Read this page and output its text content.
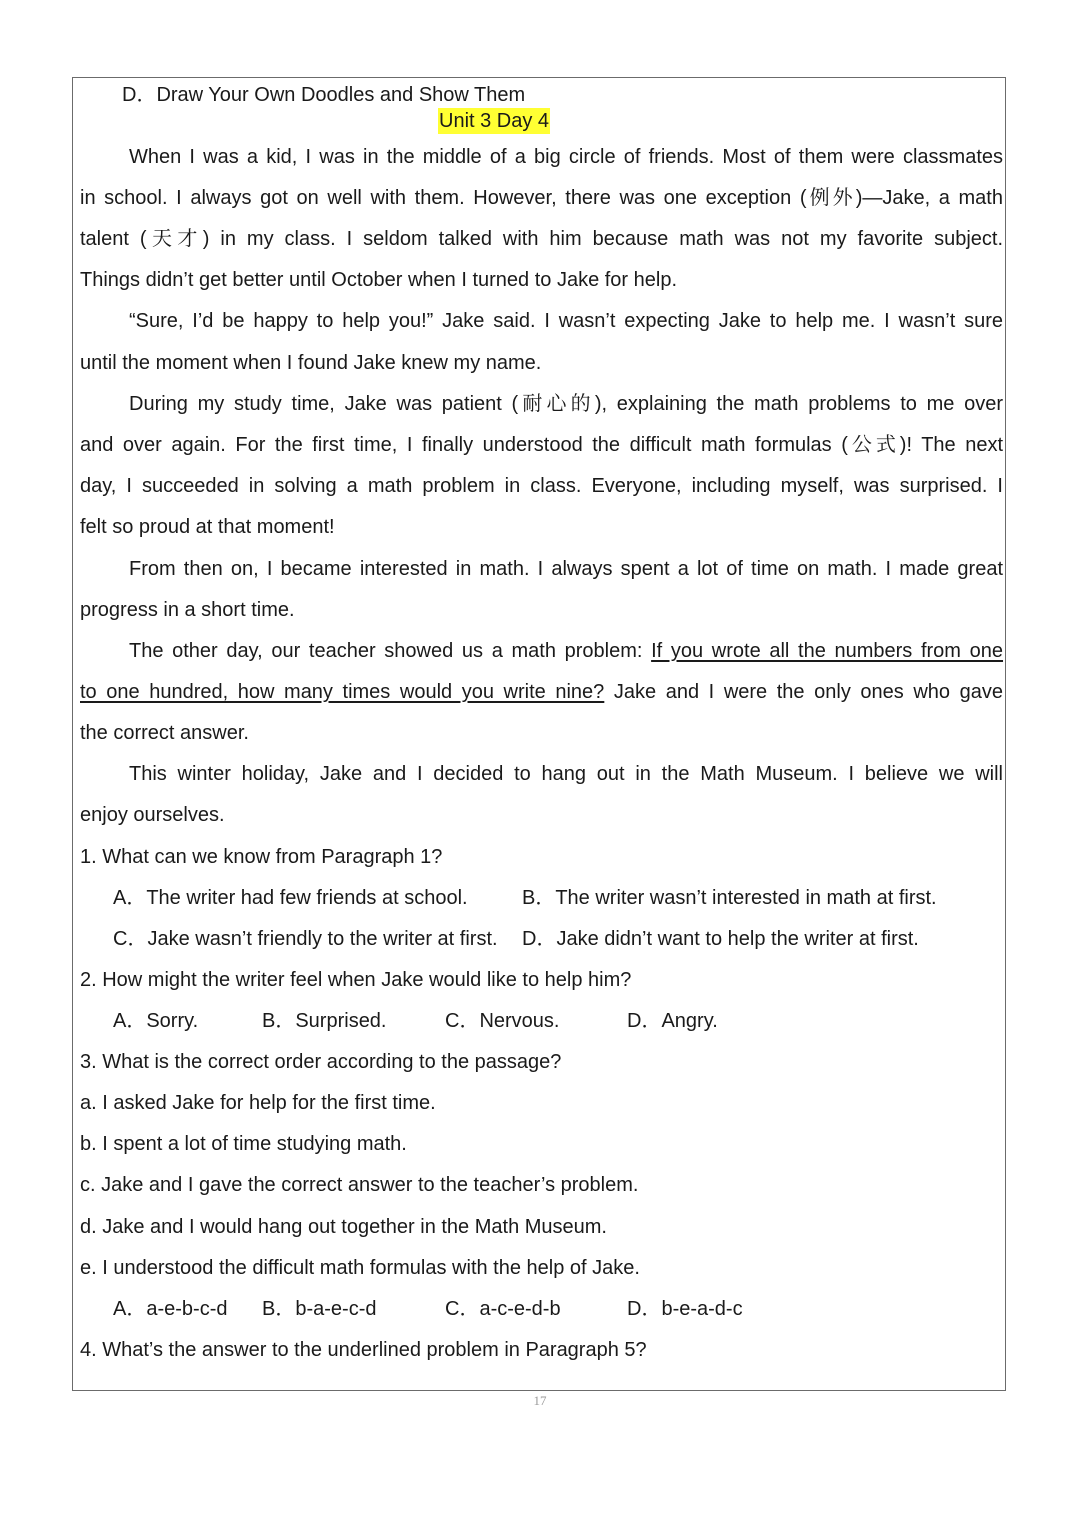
D．Draw Your Own Doodles and Show Them
Unit 3 Day 4
When I was a kid, I was in the middle of a big circle of friends. Most of them were classmates
in school. I always got on well with them. However, there was one exception (例外)—Jake, a math
talent (天才) in my class. I seldom talked with him because math was not my favorite subject.
Things didn’t get better until October when I turned to Jake for help.
“Sure, I’d be happy to help you!” Jake said. I wasn’t expecting Jake to help me. I wasn’t sure
until the moment when I found Jake knew my name.
During my study time, Jake was patient (耐心的), explaining the math problems to me over
and over again. For the first time, I finally understood the difficult math formulas (公式)! The next
day, I succeeded in solving a math problem in class. Everyone, including myself, was surprised. I
felt so proud at that moment!
From then on, I became interested in math. I always spent a lot of time on math. I made great
progress in a short time.
The other day, our teacher showed us a math problem: If you wrote all the numbers from one
to one hundred, how many times would you write nine? Jake and I were the only ones who gave
the correct answer.
This winter holiday, Jake and I decided to hang out in the Math Museum. I believe we will
enjoy ourselves.
1. What can we know from Paragraph 1?
A．The writer had few friends at school.	B．The writer wasn’t interested in math at first.
C．Jake wasn’t friendly to the writer at first. D．Jake didn’t want to help the writer at first.
2. How might the writer feel when Jake would like to help him?
A．Sorry.	B．Surprised.	C．Nervous.	D．Angry.
3. What is the correct order according to the passage?
a. I asked Jake for help for the first time.
b. I spent a lot of time studying math.
c. Jake and I gave the correct answer to the teacher’s problem.
d. Jake and I would hang out together in the Math Museum.
e. I understood the difficult math formulas with the help of Jake.
A．a-e-b-c-d B．b-a-e-c-d	C．a-c-e-d-b	D．b-e-a-d-c
4. What’s the answer to the underlined problem in Paragraph 5?
17
